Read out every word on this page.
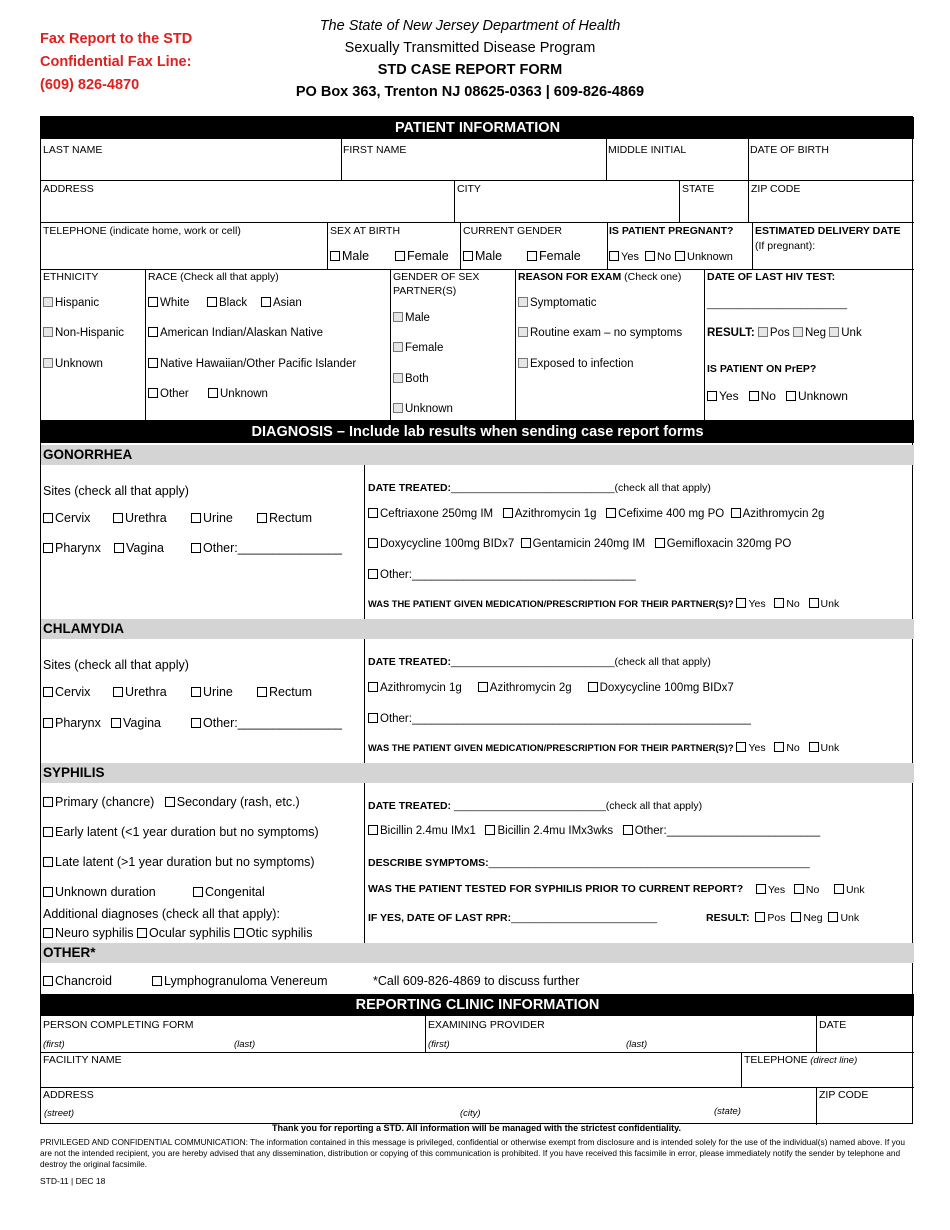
Fax Report to the STD
Confidential Fax Line:
(609) 826-4870
The State of New Jersey Department of Health
Sexually Transmitted Disease Program
STD CASE REPORT FORM
PO Box 363, Trenton NJ 08625-0363 | 609-826-4869
PATIENT INFORMATION
LAST NAME	FIRST NAME	MIDDLE INITIAL	DATE OF BIRTH
ADDRESS	CITY	STATE	ZIP CODE
TELEPHONE (indicate home, work or cell)	SEX AT BIRTH
Male	Female
CURRENT GENDER
Male	Female
IS PATIENT PREGNANT?
Yes	No	Unknown
ESTIMATED DELIVERY DATE
(If pregnant):
ETHNICITY
Hispanic
Non-Hispanic
Unknown
RACE (Check all that apply)
White	Black	Asian
American Indian/Alaskan Native
Native Hawaiian/Other Pacific Islander
Other	Unknown
GENDER OF SEX
PARTNER(S)
Male
Female
Both
Unknown
REASON FOR EXAM (Check one)
Symptomatic
Routine exam – no symptoms
Exposed to infection
DATE OF LAST HIV TEST:
________________________
RESULT: Pos Neg Unk
IS PATIENT ON PrEP?
Yes No Unknown
DIAGNOSIS – Include lab results when sending case report forms
GONORRHEA
Sites (check all that apply)
Cervix	Urethra	Urine	Rectum
Pharynx	Vagina	Other:_______________
DATE TREATED:____________________________(check all that apply)
Ceftriaxone 250mg IM Azithromycin 1g Cefixime 400 mg PO Azithromycin 2g
Doxycycline 100mg BIDx7 Gentamicin 240mg IM Gemifloxacin 320mg PO
Other:___________________________________
WAS THE PATIENT GIVEN MEDICATION/PRESCRIPTION FOR THEIR PARTNER(S)? Yes No Unk
CHLAMYDIA
Sites (check all that apply)
Cervix	Urethra	Urine	Rectum
Pharynx	Vagina	Other:_______________
DATE TREATED:____________________________(check all that apply)
Azithromycin 1g Azithromycin 2g Doxycycline 100mg BIDx7
Other:_____________________________________________________
WAS THE PATIENT GIVEN MEDICATION/PRESCRIPTION FOR THEIR PARTNER(S)? Yes No Unk
SYPHILIS
Primary (chancre) Secondary (rash, etc.)
Early latent (<1 year duration but no symptoms)
Late latent (>1 year duration but no symptoms)
Unknown duration	Congenital
Additional diagnoses (check all that apply):
Neuro syphilis Ocular syphilis Otic syphilis
DATE TREATED: __________________________(check all that apply)
Bicillin 2.4mu IMx1 Bicillin 2.4mu IMx3wks Other:________________________
DESCRIBE SYMPTOMS:_______________________________________________________
WAS THE PATIENT TESTED FOR SYPHILIS PRIOR TO CURRENT REPORT?	Yes No	Unk
IF YES, DATE OF LAST RPR:_________________________	RESULT: Pos Neg Unk
OTHER*
Chancroid	Lymphogranuloma Venereum	*Call 609-826-4869 to discuss further
REPORTING CLINIC INFORMATION
PERSON COMPLETING FORM
(first)	(last)
EXAMINING PROVIDER
(first)	(last)
DATE
FACILITY NAME	TELEPHONE (direct line)
ADDRESS
(street)	(city)	(state)
ZIP CODE
Thank you for reporting a STD. All information will be managed with the strictest confidentiality.
PRIVILEGED AND CONFIDENTIAL COMMUNICATION: The information contained in this message is privileged, confidential or otherwise exempt from disclosure and is intended solely for the use of the individual(s) named above. If you are not the intended recipient, you are hereby advised that any dissemination, distribution or copying of this communication is prohibited. If you have received this facsimile in error, please immediately notify the sender by telephone and destroy the original facsimile.
STD-11 | DEC 18
